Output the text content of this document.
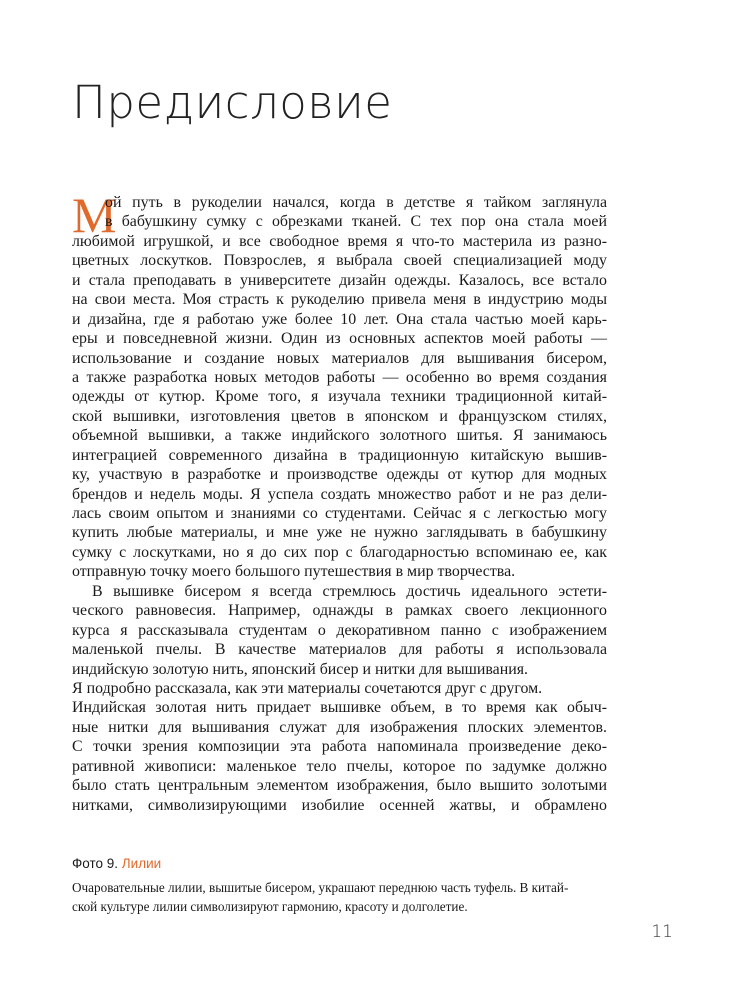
Предисловие
М
ой путь в рукоделии начался, когда в детстве я тайком заглянула
в бабушкину сумку с обрезками тканей. С тех пор она стала моей
любимой игрушкой, и все свободное время я что-то мастерила из разно-
цветных лоскутков. Повзрослев, я выбрала своей специализацией моду
и стала преподавать в университете дизайн одежды. Казалось, все встало
на свои места. Моя страсть к рукоделию привела меня в индустрию моды
и дизайна, где я работаю уже более 10 лет. Она стала частью моей карь-
еры и повседневной жизни. Один из основных аспектов моей работы —
использование и создание новых материалов для вышивания бисером,
а также разработка новых методов работы — особенно во время создания
одежды от кутюр. Кроме того, я изучала техники традиционной китай-
ской вышивки, изготовления цветов в японском и французском стилях,
объемной вышивки, а также индийского золотного шитья. Я занимаюсь
интеграцией современного дизайна в традиционную китайскую вышив-
ку, участвую в разработке и производстве одежды от кутюр для модных
брендов и недель моды. Я успела создать множество работ и не раз дели-
лась своим опытом и знаниями со студентами. Сейчас я с легкостью могу
купить любые материалы, и мне уже не нужно заглядывать в бабушкину
сумку с лоскутками, но я до сих пор с благодарностью вспоминаю ее, как
отправную точку моего большого путешествия в мир творчества.
В вышивке бисером я всегда стремлюсь достичь идеального эстети-
ческого равновесия. Например, однажды в рамках своего лекционного
курса я рассказывала студентам о декоративном панно с изображением
маленькой пчелы. В качестве материалов для работы я использовала
индийскую золотую нить, японский бисер и нитки для вышивания.
Я подробно рассказала, как эти материалы сочетаются друг с другом.
Индийская золотая нить придает вышивке объем, в то время как обыч-
ные нитки для вышивания служат для изображения плоских элементов.
С точки зрения композиции эта работа напоминала произведение деко-
ративной живописи: маленькое тело пчелы, которое по задумке должно
было стать центральным элементом изображения, было вышито золотыми
нитками, символизирующими изобилие осенней жатвы, и обрамлено
Фото 9. Лилии
Очаровательные лилии, вышитые бисером, украшают переднюю часть туфель. В китай-
ской культуре лилии символизируют гармонию, красоту и долголетие.
11
